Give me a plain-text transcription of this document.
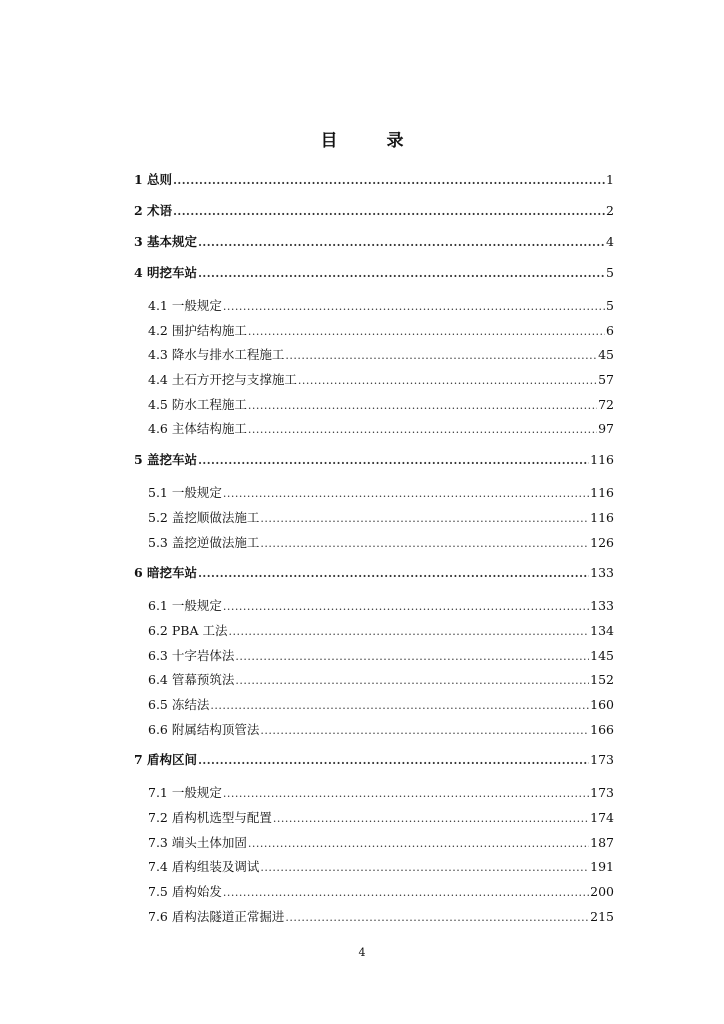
目　录
1 总则 .....	1
2 术语 .....	2
3 基本规定 .....	4
4 明挖车站 .....	5
4.1 一般规定 .....	5
4.2 围护结构施工 .....	6
4.3 降水与排水工程施工 .....	45
4.4 土石方开挖与支撑施工 .....	57
4.5 防水工程施工 .....	72
4.6 主体结构施工 .....	97
5 盖挖车站 .....	116
5.1 一般规定 .....	116
5.2 盖挖顺做法施工 .....	116
5.3 盖挖逆做法施工 .....	126
6 暗挖车站 .....	133
6.1 一般规定 .....	133
6.2 PBA 工法 .....	134
6.3 十字岩体法 .....	145
6.4 管幕预筑法 .....	152
6.5 冻结法 .....	160
6.6 附属结构顶管法 .....	166
7 盾构区间 .....	173
7.1 一般规定 .....	173
7.2 盾构机选型与配置 .....	174
7.3 端头土体加固 .....	187
7.4 盾构组装及调试 .....	191
7.5 盾构始发 .....	200
7.6 盾构法隧道正常掘进 .....	215
4
